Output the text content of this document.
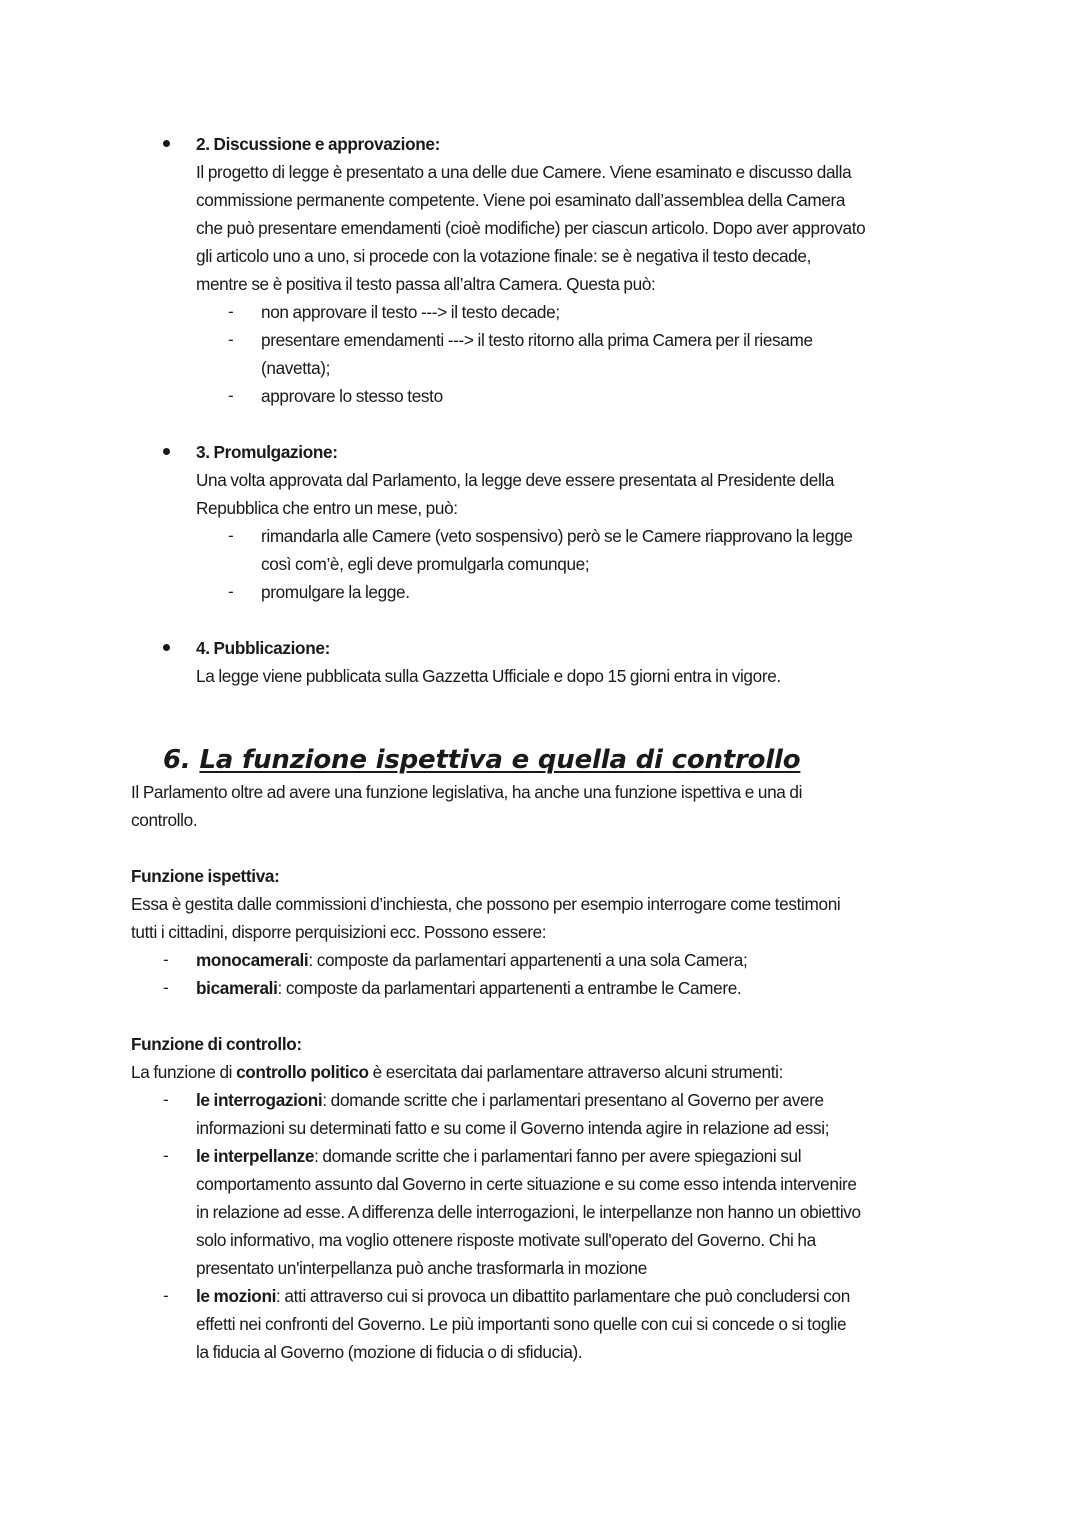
2. Discussione e approvazione:
Il progetto di legge è presentato a una delle due Camere. Viene esaminato e discusso dalla
commissione permanente competente. Viene poi esaminato dall’assemblea della Camera
che può presentare emendamenti (cioè modifiche) per ciascun articolo. Dopo aver approvato
gli articolo uno a uno, si procede con la votazione finale: se è negativa il testo decade,
mentre se è positiva il testo passa all’altra Camera. Questa può:
- non approvare il testo ---> il testo decade;
- presentare emendamenti ---> il testo ritorno alla prima Camera per il riesame
(navetta);
- approvare lo stesso testo
3. Promulgazione:
Una volta approvata dal Parlamento, la legge deve essere presentata al Presidente della
Repubblica che entro un mese, può:
- rimandarla alle Camere (veto sospensivo) però se le Camere riapprovano la legge
così com’è, egli deve promulgarla comunque;
- promulgare la legge.
4. Pubblicazione:
La legge viene pubblicata sulla Gazzetta Ufficiale e dopo 15 giorni entra in vigore.
6. La funzione ispettiva e quella di controllo
Il Parlamento oltre ad avere una funzione legislativa, ha anche una funzione ispettiva e una di
controllo.
Funzione ispettiva:
Essa è gestita dalle commissioni d’inchiesta, che possono per esempio interrogare come testimoni
tutti i cittadini, disporre perquisizioni ecc. Possono essere:
- monocamerali: composte da parlamentari appartenenti a una sola Camera;
- bicamerali: composte da parlamentari appartenenti a entrambe le Camere.
Funzione di controllo:
La funzione di controllo politico è esercitata dai parlamentare attraverso alcuni strumenti:
- le interrogazioni: domande scritte che i parlamentari presentano al Governo per avere
informazioni su determinati fatto e su come il Governo intenda agire in relazione ad essi;
- le interpellanze: domande scritte che i parlamentari fanno per avere spiegazioni sul
comportamento assunto dal Governo in certe situazione e su come esso intenda intervenire
in relazione ad esse. A differenza delle interrogazioni, le interpellanze non hanno un obiettivo
solo informativo, ma voglio ottenere risposte motivate sull'operato del Governo. Chi ha
presentato un'interpellanza può anche trasformarla in mozione
- le mozioni: atti attraverso cui si provoca un dibattito parlamentare che può concludersi con
effetti nei confronti del Governo. Le più importanti sono quelle con cui si concede o si toglie
la fiducia al Governo (mozione di fiducia o di sfiducia).
